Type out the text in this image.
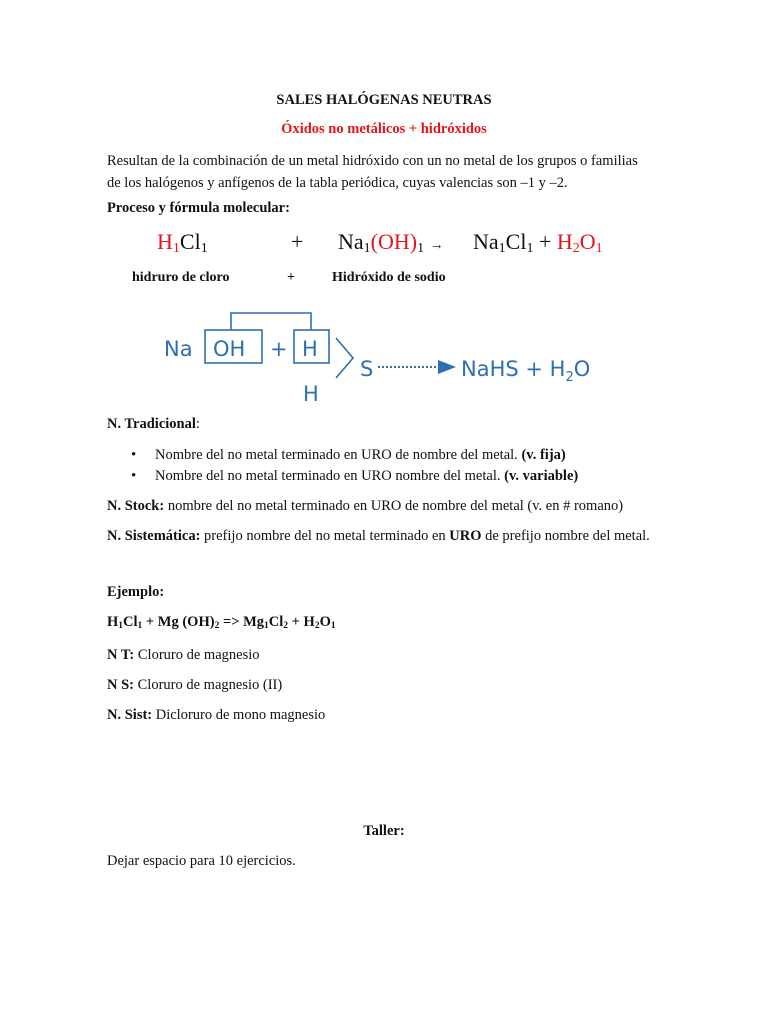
SALES HALÓGENAS NEUTRAS
Óxidos no metálicos + hidróxidos

Resultan de la combinación de un metal hidróxido con un no metal de los grupos o familias

de los halógenos y anfígenos de la tabla periódica, cuyas valencias son –1 y –2.

Proceso y fórmula molecular:
$H_1Cl_1$	+ $Na_1(OH)_1 \to Na_1Cl_1 + H_2O_1$
hidruro de cloro	+	Hidróxido de sodio
Na OH + H
H
S	NaHS + $H_2O$
N. Tradicional:
• Nombre del no metal terminado en URO de nombre del metal. (v. fija)
• Nombre del no metal terminado en URO nombre del metal. (v. variable)

N. Stock: nombre del no metal terminado en URO de nombre del metal (v. en # romano)

N. Sistemática: prefijo nombre del no metal terminado en URO de prefijo nombre del metal.

Ejemplo:
$H_1Cl_1 + Mg$ $(OH)_2 => Mg_1Cl_2 + H_2O_1$

N T: Cloruro de magnesio

N S: Cloruro de magnesio (II)

N. Sist: Dicloruro de mono magnesio

Taller:

Dejar espacio para 10 ejercicios.
